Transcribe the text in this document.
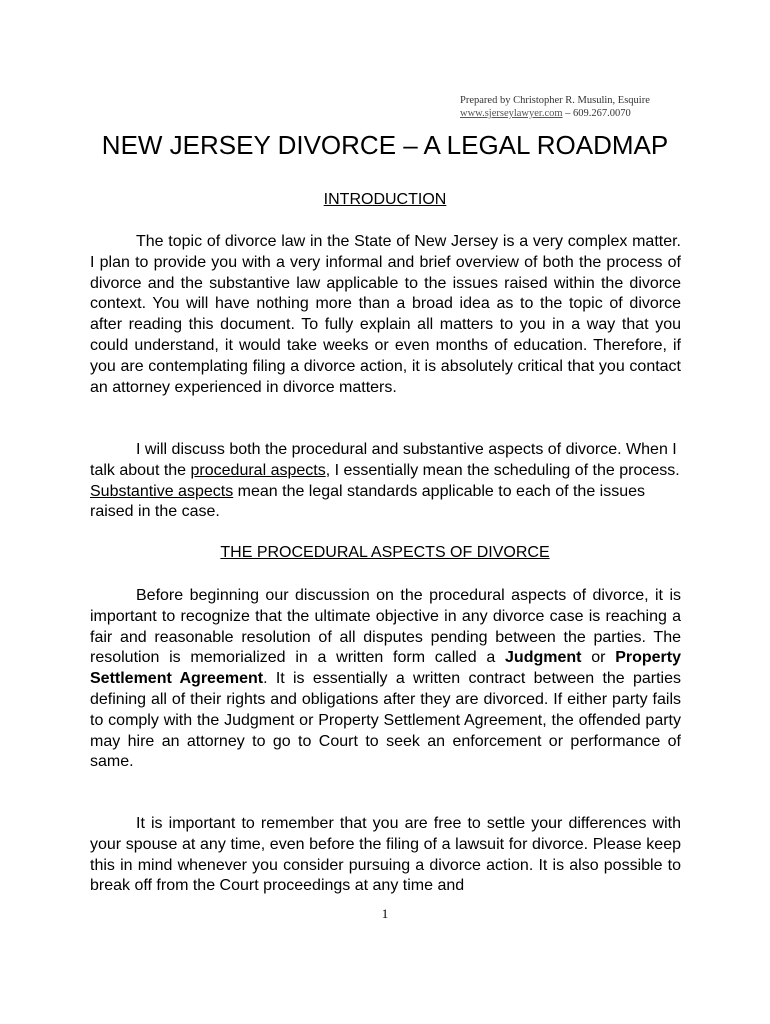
Prepared by Christopher R. Musulin, Esquire
www.sjerseylawyer.com – 609.267.0070
NEW JERSEY DIVORCE – A LEGAL ROADMAP
INTRODUCTION
The topic of divorce law in the State of New Jersey is a very complex matter. I plan to provide you with a very informal and brief overview of both the process of divorce and the substantive law applicable to the issues raised within the divorce context. You will have nothing more than a broad idea as to the topic of divorce after reading this document. To fully explain all matters to you in a way that you could understand, it would take weeks or even months of education. Therefore, if you are contemplating filing a divorce action, it is absolutely critical that you contact an attorney experienced in divorce matters.
I will discuss both the procedural and substantive aspects of divorce. When I talk about the procedural aspects, I essentially mean the scheduling of the process. Substantive aspects mean the legal standards applicable to each of the issues raised in the case.
THE PROCEDURAL ASPECTS OF DIVORCE
Before beginning our discussion on the procedural aspects of divorce, it is important to recognize that the ultimate objective in any divorce case is reaching a fair and reasonable resolution of all disputes pending between the parties. The resolution is memorialized in a written form called a Judgment or Property Settlement Agreement. It is essentially a written contract between the parties defining all of their rights and obligations after they are divorced. If either party fails to comply with the Judgment or Property Settlement Agreement, the offended party may hire an attorney to go to Court to seek an enforcement or performance of same.
It is important to remember that you are free to settle your differences with your spouse at any time, even before the filing of a lawsuit for divorce. Please keep this in mind whenever you consider pursuing a divorce action. It is also possible to break off from the Court proceedings at any time and
1
